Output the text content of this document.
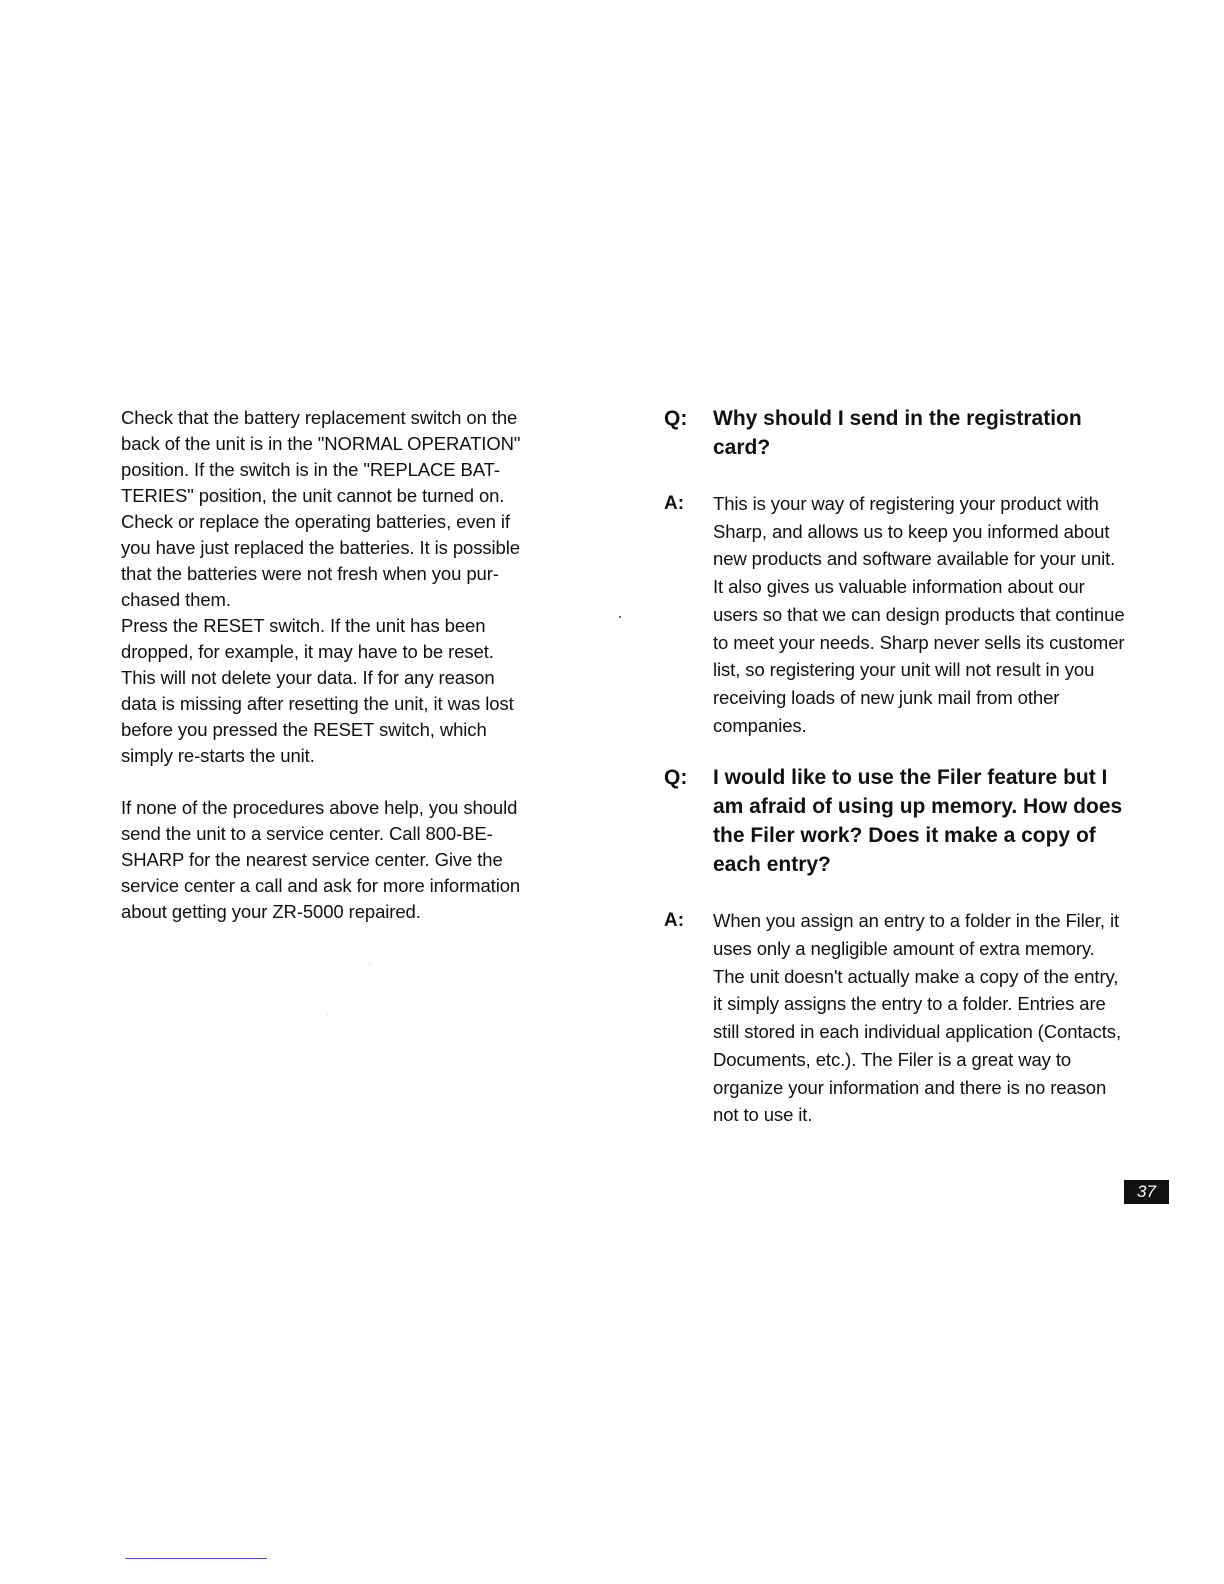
Check that the battery replacement switch on the
back of the unit is in the "NORMAL OPERATION"
position. If the switch is in the "REPLACE BAT-
TERIES" position, the unit cannot be turned on.
Check or replace the operating batteries, even if
you have just replaced the batteries. It is possible
that the batteries were not fresh when you pur-
chased them.
Press the RESET switch. If the unit has been
dropped, for example, it may have to be reset.
This will not delete your data. If for any reason
data is missing after resetting the unit, it was lost
before you pressed the RESET switch, which
simply re-starts the unit.
If none of the procedures above help, you should
send the unit to a service center. Call 800-BE-
SHARP for the nearest service center. Give the
service center a call and ask for more information
about getting your ZR-5000 repaired.
Q: Why should I send in the registration
card?
A: This is your way of registering your product with
Sharp, and allows us to keep you informed about
new products and software available for your unit.
It also gives us valuable information about our
users so that we can design products that continue
to meet your needs. Sharp never sells its customer
list, so registering your unit will not result in you
receiving loads of new junk mail from other
companies.
Q: I would like to use the Filer feature but I
am afraid of using up memory. How does
the Filer work? Does it make a copy of
each entry?
A: When you assign an entry to a folder in the Filer, it
uses only a negligible amount of extra memory.
The unit doesn't actually make a copy of the entry,
it simply assigns the entry to a folder. Entries are
still stored in each individual application (Contacts,
Documents, etc.). The Filer is a great way to
organize your information and there is no reason
not to use it.
37
